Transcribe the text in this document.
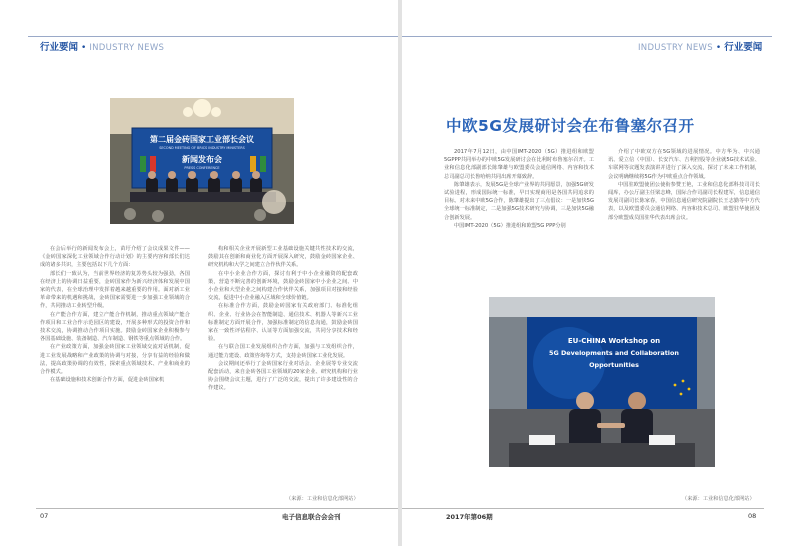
行业要闻 • INDUSTRY NEWS
第二届金砖国家工业部长会议
SECOND MEETING OF BRICS INDUSTRY MINISTERS
新闻发布会
PRESS CONFERENCE

在会后举行的新闻发布会上，苗圩介绍了会议成果文件——《金砖国家深化工业领域合作行动计划》的主要内容和部长们达成的诸多共识，主要包括以下几个方面：

部长们一致认为，当前世界经济的复苏势头较为强劲，各国在经济上的协调日益重要，金砖国家作为新兴经济体和发展中国家的代表，在全球治理中发挥着越来越重要的作用。面对新工业革命带来的机遇和挑战，金砖国家需要进一步加强工业领域的合作，共同推动工业转型升级。

在产能合作方面，建立产能合作机制，推动重点领域产能合作项目和工业合作示范园区的建设，开展多种形式的投资合作和技术交流，协调推动合作项目实施。鼓励金砖国家企业积极参与各国基础设施、装备制造、汽车制造、钢铁等重点领域的合作。

在产业政策方面，加强金砖国家工业领域交流对话机制，促进工业发展战略和产业政策的协调与对接，分享有益的经验和做法，提高政策协调的有效性，探索重点领域技术、产业和商业的合作模式。

在基础设施和技术创新合作方面，促进金砖国家机

构和相关企业开展新型工业基础设施关键共性技术的交流，鼓励其在创新和商业化方面开展深入研究，鼓励金砖国家企业、研究机构和大学之间建立合作伙伴关系。

在中小企业合作方面，探讨有利于中小企业融资的配套政策，营造不断完善的创新环境，鼓励金砖国家中小企业之间、中小企业和大型企业之间构建合作伙伴关系，加强项目对接和经验交流，促进中小企业融入区域和全球价值链。

在标准合作方面，鼓励金砖国家有关政府部门、标准化组织、企业、行业协会在智能制造、通信技术、机器人等新兴工业标准制定方面开展合作，加强标准制定的信息沟通，鼓励金砖国家在一致性评估程序、认证等方面加强交流，共同分享技术和经验。

在与联合国工业发展组织合作方面，加强与工发组织合作，通过能力建设、政策咨询等方式，支持金砖国家工业化发展。

会议期间还举行了金砖国家行业对话会、企业展等专业交流配套活动，来自金砖各国工业领域的20家企业、研究机构和行业协会围绕会议主题，进行了广泛的交流，提出了许多建设性的合作建议。

（来源：工业和信息化部网站）
07	电子信息联合会会刊
INDUSTRY NEWS • 行业要闻
中欧5G发展研讨会在布鲁塞尔召开

2017年7月12日，由中国IMT-2020（5G）推进组和欧盟5GPPP共同举办的中欧5G发展研讨会在比利时布鲁塞尔召开。工业和信息化部副部长陈肇雄与欧盟委员会通信网络、内容和技术总司副总司长鲁哈纳共同出席开幕致辞。

陈肇雄表示，发展5G是全球产业界的共同愿景，加强5G研发试验进程，形成国际统一标准，早日实现商用是各国共同追求的目标。对未来中欧5G合作，陈肇雄提出了三点倡议：一是加快5G全球统一标准制定，二是加强5G技术研究与协调，三是加快5G融合创新发展。

中国IMT-2020（5G）推进组和欧盟5G PPP分别

介绍了中欧双方在5G领域的进展情况。中方华为、中兴通讯、爱立信（中国）、长安汽车、吉利控股等企业就5G技术试验、车联网等议题发表演讲并进行了深入交流，探讨了未来工作机制，会议明确继续将5G作为中欧重点合作领域。

中国驻欧盟使团公使衔参赞王艳，工业和信息化部科技司司长闻库，办公厅副主任梁志峰，国际合作司副司长程建军，信息通信发展司副司长陈家春，中国信息通信研究院副院长王志勤等中方代表，以及欧盟委员会通信网络、内容和技术总司、欧盟驻华使团及部分欧盟成员国驻华代表出席会议。

EU-CHINA Workshop on
5G Developments and Collaboration
Opportunities
（来源：工业和信息化部网站）
2017年第06期	08
